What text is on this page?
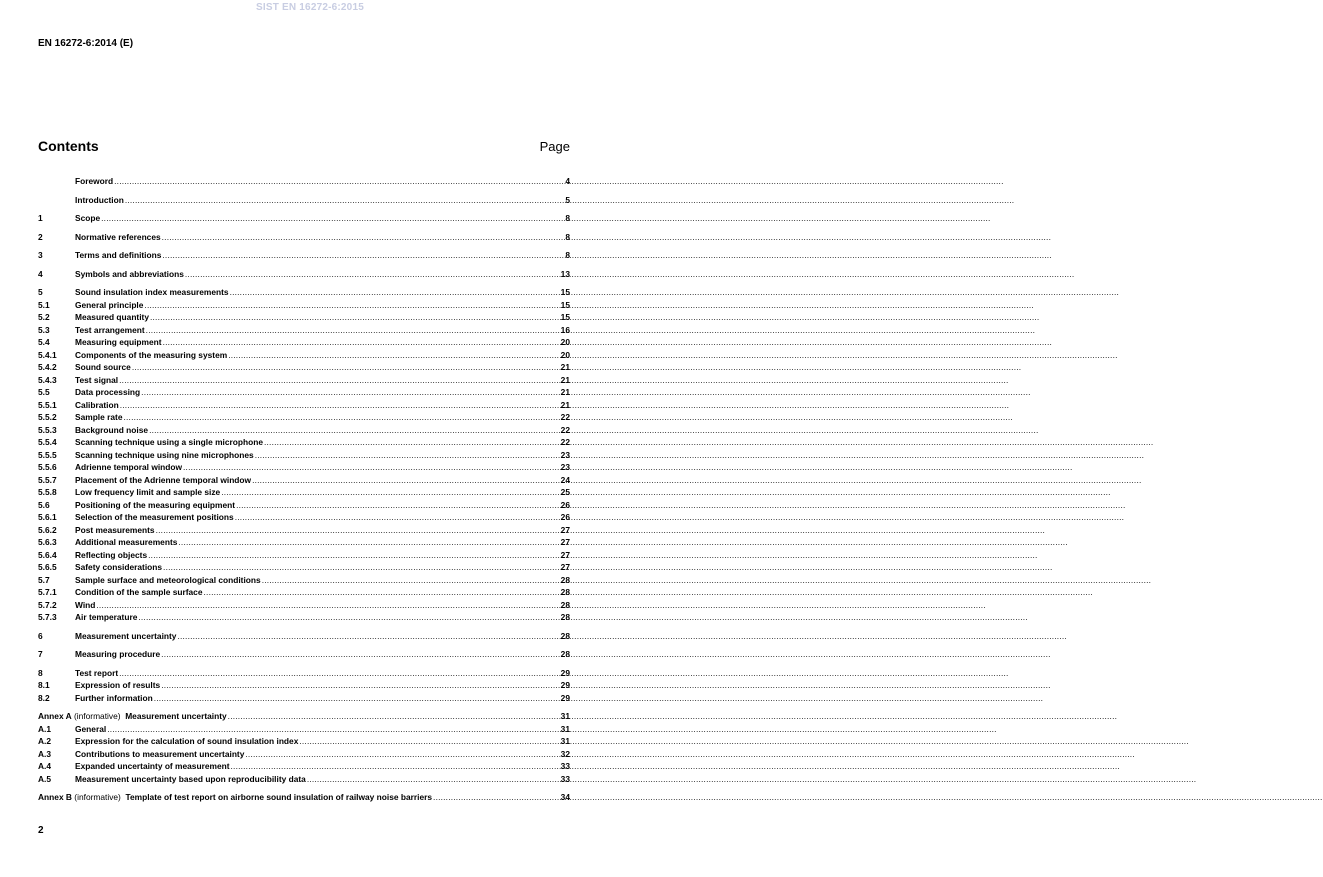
SIST EN 16272-6:2015
EN 16272-6:2014 (E)
Contents	Page
Foreword .....	4
Introduction .....	5
1	Scope .....	8
2	Normative references .....	8
3	Terms and definitions .....	8
4	Symbols and abbreviations .....	13
5	Sound insulation index measurements .....	15
5.1	General principle .....	15
5.2	Measured quantity .....	15
5.3	Test arrangement .....	16
5.4	Measuring equipment .....	20
5.4.1	Components of the measuring system .....	20
5.4.2	Sound source .....	21
5.4.3	Test signal .....	21
5.5	Data processing .....	21
5.5.1	Calibration .....	21
5.5.2	Sample rate .....	22
5.5.3	Background noise .....	22
5.5.4	Scanning technique using a single microphone .....	22
5.5.5	Scanning technique using nine microphones .....	23
5.5.6	Adrienne temporal window .....	23
5.5.7	Placement of the Adrienne temporal window .....	24
5.5.8	Low frequency limit and sample size .....	25
5.6	Positioning of the measuring equipment .....	26
5.6.1	Selection of the measurement positions .....	26
5.6.2	Post measurements .....	27
5.6.3	Additional measurements .....	27
5.6.4	Reflecting objects .....	27
5.6.5	Safety considerations .....	27
5.7	Sample surface and meteorological conditions .....	28
5.7.1	Condition of the sample surface .....	28
5.7.2	Wind .....	28
5.7.3	Air temperature .....	28
6	Measurement uncertainty .....	28
7	Measuring procedure .....	28
8	Test report .....	29
8.1	Expression of results .....	29
8.2	Further information .....	29
Annex A (informative)  Measurement uncertainty .....	31
A.1	General .....	31
A.2	Expression for the calculation of sound insulation index .....	31
A.3	Contributions to measurement uncertainty .....	32
A.4	Expanded uncertainty of measurement .....	33
A.5	Measurement uncertainty based upon reproducibility data .....	33
Annex B (informative)  Template of test report on airborne sound insulation of railway noise barriers .....	34
2
